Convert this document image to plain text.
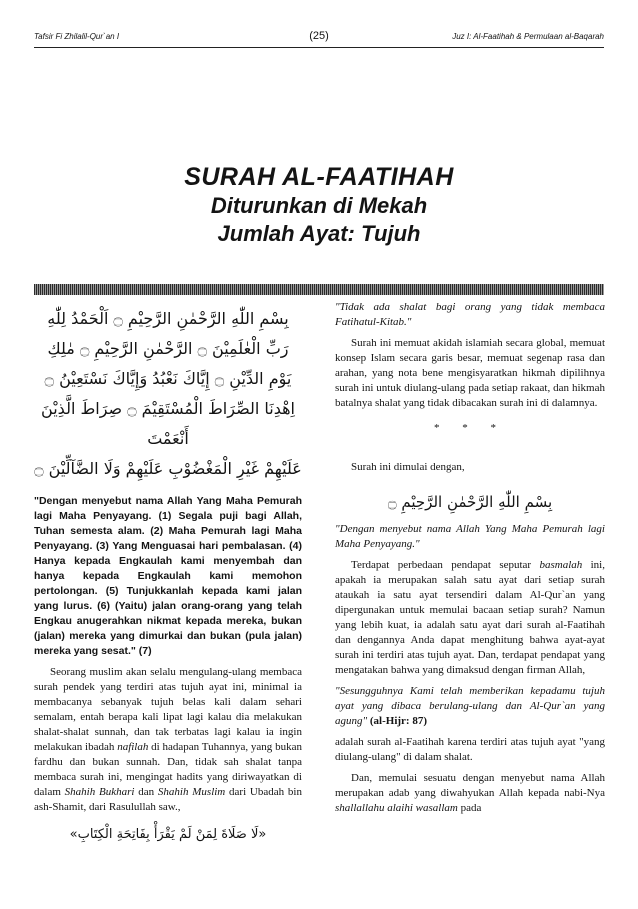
Tafsir Fi Zhilalil-Qur`an I	(25)	Juz I: Al-Faatihah & Permulaan al-Baqarah
SURAH AL-FAATIHAH
Diturunkan di Mekah
Jumlah Ayat: Tujuh
بِسْمِ اللّٰهِ الرَّحْمٰنِ الرَّحِيْمِ ۝ اَلْحَمْدُ لِلّٰهِ
رَبِّ الْعٰلَمِيْنَ ۝ الرَّحْمٰنِ الرَّحِيْمِ ۝ مٰلِكِ
يَوْمِ الدِّيْنِ ۝ إِيَّاكَ نَعْبُدُ وَإِيَّاكَ نَسْتَعِيْنُ ۝
اِهْدِنَا الصِّرَاطَ الْمُسْتَقِيْمَ ۝ صِرَاطَ الَّذِيْنَ أَنْعَمْتَ
عَلَيْهِمْ غَيْرِ الْمَغْضُوْبِ عَلَيْهِمْ وَلَا الضَّآلِّيْنَ ۝

"Dengan menyebut nama Allah Yang Maha Pemurah lagi Maha Penyayang. (1) Segala puji bagi Allah, Tuhan semesta alam. (2) Maha Pemurah lagi Maha Penyayang. (3) Yang Menguasai hari pembalasan. (4) Hanya kepada Engkaulah kami menyembah dan hanya kepada Engkaulah kami memohon pertolongan. (5) Tunjukkanlah kepada kami jalan yang lurus. (6) (Yaitu) jalan orang-orang yang telah Engkau anugerahkan nikmat kepada mereka, bukan (jalan) mereka yang dimurkai dan bukan (pula jalan) mereka yang sesat." (7)

Seorang muslim akan selalu mengulang-ulang membaca surah pendek yang terdiri atas tujuh ayat ini, minimal ia membacanya sebanyak tujuh belas kali dalam sehari semalam, entah berapa kali lipat lagi kalau dia melakukan shalat-shalat sunnah, dan tak terbatas lagi kalau ia ingin melakukan ibadah nafilah di hadapan Tuhannya, yang bukan fardhu dan bukan sunnah. Dan, tidak sah shalat tanpa membaca surah ini, mengingat hadits yang diriwayatkan di dalam Shahih Bukhari dan Shahih Muslim dari Ubadah bin ash-Shamit, dari Rasulullah saw.,

«لَا صَلَاةَ لِمَنْ لَمْ يَقْرَأْ بِفَاتِحَةِ الْكِتَابِ»

"Tidak ada shalat bagi orang yang tidak membaca Fatihatul-Kitab."

Surah ini memuat akidah islamiah secara global, memuat konsep Islam secara garis besar, memuat segenap rasa dan arahan, yang nota bene mengisyaratkan hikmah dipilihnya surah ini untuk diulang-ulang pada setiap rakaat, dan hikmah batalnya shalat yang tidak dibacakan surah ini di dalamnya.

* * *

Surah ini dimulai dengan,

بِسْمِ اللّٰهِ الرَّحْمٰنِ الرَّحِيْمِ ۝

"Dengan menyebut nama Allah Yang Maha Pemurah lagi Maha Penyayang."

Terdapat perbedaan pendapat seputar basmalah ini, apakah ia merupakan salah satu ayat dari setiap surah ataukah ia satu ayat tersendiri dalam Al-Qur`an yang dipergunakan untuk memulai bacaan setiap surah? Namun yang lebih kuat, ia adalah satu ayat dari surah al-Faatihah dan dengannya Anda dapat menghitung bahwa ayat-ayat surah ini terdiri atas tujuh ayat. Dan, terdapat pendapat yang mengatakan bahwa yang dimaksud dengan firman Allah,

"Sesungguhnya Kami telah memberikan kepadamu tujuh ayat yang dibaca berulang-ulang dan Al-Qur`an yang agung" (al-Hijr: 87)

adalah surah al-Faatihah karena terdiri atas tujuh ayat "yang diulang-ulang" di dalam shalat.

Dan, memulai sesuatu dengan menyebut nama Allah merupakan adab yang diwahyukan Allah kepada nabi-Nya shallallahu alaihi wasallam pada
